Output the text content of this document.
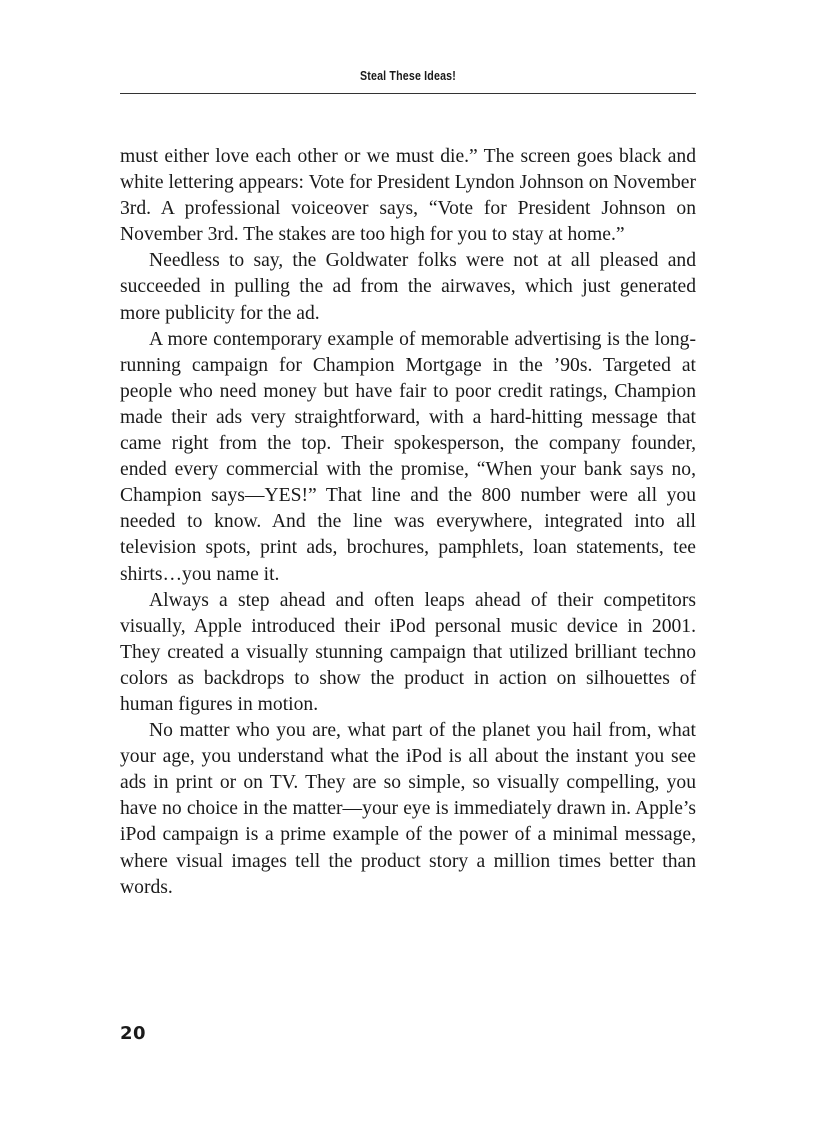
Steal These Ideas!

must either love each other or we must die.” The screen goes black and white lettering appears: Vote for President Lyndon Johnson on November 3rd. A professional voiceover says, “Vote for President Johnson on November 3rd. The stakes are too high for you to stay at home.”

Needless to say, the Goldwater folks were not at all pleased and succeeded in pulling the ad from the airwaves, which just generated more publicity for the ad.

A more contemporary example of memorable advertising is the long-running campaign for Champion Mortgage in the ’90s. Targeted at people who need money but have fair to poor credit ratings, Champion made their ads very straightforward, with a hard-hitting message that came right from the top. Their spokesperson, the company founder, ended every commercial with the promise, “When your bank says no, Champion says—YES!” That line and the 800 number were all you needed to know. And the line was everywhere, integrated into all television spots, print ads, brochures, pamphlets, loan statements, tee shirts…you name it.

Always a step ahead and often leaps ahead of their competitors visually, Apple introduced their iPod personal music device in 2001. They created a visually stunning campaign that utilized brilliant techno colors as backdrops to show the product in action on silhouettes of human figures in motion.

No matter who you are, what part of the planet you hail from, what your age, you understand what the iPod is all about the instant you see ads in print or on TV. They are so simple, so visually compelling, you have no choice in the matter—your eye is immediately drawn in. Apple’s iPod campaign is a prime example of the power of a minimal message, where visual images tell the product story a million times better than words.

20
